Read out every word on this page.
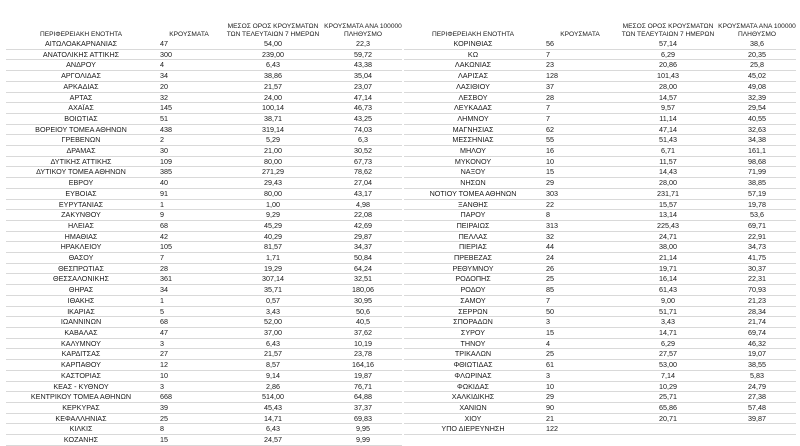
ΠΕΡΙΦΕΡΕΙΑΚΗ ΕΝΟΤΗΤΑ	ΚΡΟΥΣΜΑΤΑ	ΜΕΣΟΣ ΟΡΟΣ ΚΡΟΥΣΜΑΤΩΝ
ΤΩΝ ΤΕΛΕΥΤΑΙΩΝ 7 ΗΜΕΡΩΝ	ΚΡΟΥΣΜΑΤΑ ΑΝΑ 100000
ΠΛΗΘΥΣΜΟ
ΑΙΤΩΛΟΑΚΑΡΝΑΝΙΑΣ	47	54,00	22,3
ΑΝΑΤΟΛΙΚΗΣ ΑΤΤΙΚΗΣ	300	239,00	59,72
ΑΝΔΡΟΥ	4	6,43	43,38
ΑΡΓΟΛΙΔΑΣ	34	38,86	35,04
ΑΡΚΑΔΙΑΣ	20	21,57	23,07
ΑΡΤΑΣ	32	24,00	47,14
ΑΧΑΪΑΣ	145	100,14	46,73
ΒΟΙΩΤΙΑΣ	51	38,71	43,25
ΒΟΡΕΙΟΥ ΤΟΜΕΑ ΑΘΗΝΩΝ	438	319,14	74,03
ΓΡΕΒΕΝΩΝ	2	5,29	6,3
ΔΡΑΜΑΣ	30	21,00	30,52
ΔΥΤΙΚΗΣ ΑΤΤΙΚΗΣ	109	80,00	67,73
ΔΥΤΙΚΟΥ ΤΟΜΕΑ ΑΘΗΝΩΝ	385	271,29	78,62
ΕΒΡΟΥ	40	29,43	27,04
ΕΥΒΟΙΑΣ	91	80,00	43,17
ΕΥΡΥΤΑΝΙΑΣ	1	1,00	4,98
ΖΑΚΥΝΘΟΥ	9	9,29	22,08
ΗΛΕΙΑΣ	68	45,29	42,69
ΗΜΑΘΙΑΣ	42	40,29	29,87
ΗΡΑΚΛΕΙΟΥ	105	81,57	34,37
ΘΑΣΟΥ	7	1,71	50,84
ΘΕΣΠΡΩΤΙΑΣ	28	19,29	64,24
ΘΕΣΣΑΛΟΝΙΚΗΣ	361	307,14	32,51
ΘΗΡΑΣ	34	35,71	180,06
ΙΘΑΚΗΣ	1	0,57	30,95
ΙΚΑΡΙΑΣ	5	3,43	50,6
ΙΩΑΝΝΙΝΩΝ	68	52,00	40,5
ΚΑΒΑΛΑΣ	47	37,00	37,62
ΚΑΛΥΜΝΟΥ	3	6,43	10,19
ΚΑΡΔΙΤΣΑΣ	27	21,57	23,78
ΚΑΡΠΑΘΟΥ	12	8,57	164,16
ΚΑΣΤΟΡΙΑΣ	10	9,14	19,87
ΚΕΑΣ - ΚΥΘΝΟΥ	3	2,86	76,71
ΚΕΝΤΡΙΚΟΥ ΤΟΜΕΑ ΑΘΗΝΩΝ	668	514,00	64,88
ΚΕΡΚΥΡΑΣ	39	45,43	37,37
ΚΕΦΑΛΛΗΝΙΑΣ	25	14,71	69,83
ΚΙΛΚΙΣ	8	6,43	9,95
ΚΟΖΑΝΗΣ	15	24,57	9,99
ΠΕΡΙΦΕΡΕΙΑΚΗ ΕΝΟΤΗΤΑ	ΚΡΟΥΣΜΑΤΑ	ΜΕΣΟΣ ΟΡΟΣ ΚΡΟΥΣΜΑΤΩΝ
ΤΩΝ ΤΕΛΕΥΤΑΙΩΝ 7 ΗΜΕΡΩΝ	ΚΡΟΥΣΜΑΤΑ ΑΝΑ 100000
ΠΛΗΘΥΣΜΟ
ΚΟΡΙΝΘΙΑΣ	56	57,14	38,6
ΚΩ	7	6,29	20,35
ΛΑΚΩΝΙΑΣ	23	20,86	25,8
ΛΑΡΙΣΑΣ	128	101,43	45,02
ΛΑΣΙΘΙΟΥ	37	28,00	49,08
ΛΕΣΒΟΥ	28	14,57	32,39
ΛΕΥΚΑΔΑΣ	7	9,57	29,54
ΛΗΜΝΟΥ	7	11,14	40,55
ΜΑΓΝΗΣΙΑΣ	62	47,14	32,63
ΜΕΣΣΗΝΙΑΣ	55	51,43	34,38
ΜΗΛΟΥ	16	6,71	161,1
ΜΥΚΟΝΟΥ	10	11,57	98,68
ΝΑΞΟΥ	15	14,43	71,99
ΝΗΣΩΝ	29	28,00	38,85
ΝΟΤΙΟΥ ΤΟΜΕΑ ΑΘΗΝΩΝ	303	231,71	57,19
ΞΑΝΘΗΣ	22	15,57	19,78
ΠΑΡΟΥ	8	13,14	53,6
ΠΕΙΡΑΙΩΣ	313	225,43	69,71
ΠΕΛΛΑΣ	32	24,71	22,91
ΠΙΕΡΙΑΣ	44	38,00	34,73
ΠΡΕΒΕΖΑΣ	24	21,14	41,75
ΡΕΘΥΜΝΟΥ	26	19,71	30,37
ΡΟΔΟΠΗΣ	25	16,14	22,31
ΡΟΔΟΥ	85	61,43	70,93
ΣΑΜΟΥ	7	9,00	21,23
ΣΕΡΡΩΝ	50	51,71	28,34
ΣΠΟΡΑΔΩΝ	3	3,43	21,74
ΣΥΡΟΥ	15	14,71	69,74
ΤΗΝΟΥ	4	6,29	46,32
ΤΡΙΚΑΛΩΝ	25	27,57	19,07
ΦΘΙΩΤΙΔΑΣ	61	53,00	38,55
ΦΛΩΡΙΝΑΣ	3	7,14	5,83
ΦΩΚΙΔΑΣ	10	10,29	24,79
ΧΑΛΚΙΔΙΚΗΣ	29	25,71	27,38
ΧΑΝΙΩΝ	90	65,86	57,48
ΧΙΟΥ	21	20,71	39,87
ΥΠΟ ΔΙΕΡΕΥΝΗΣΗ	122		
